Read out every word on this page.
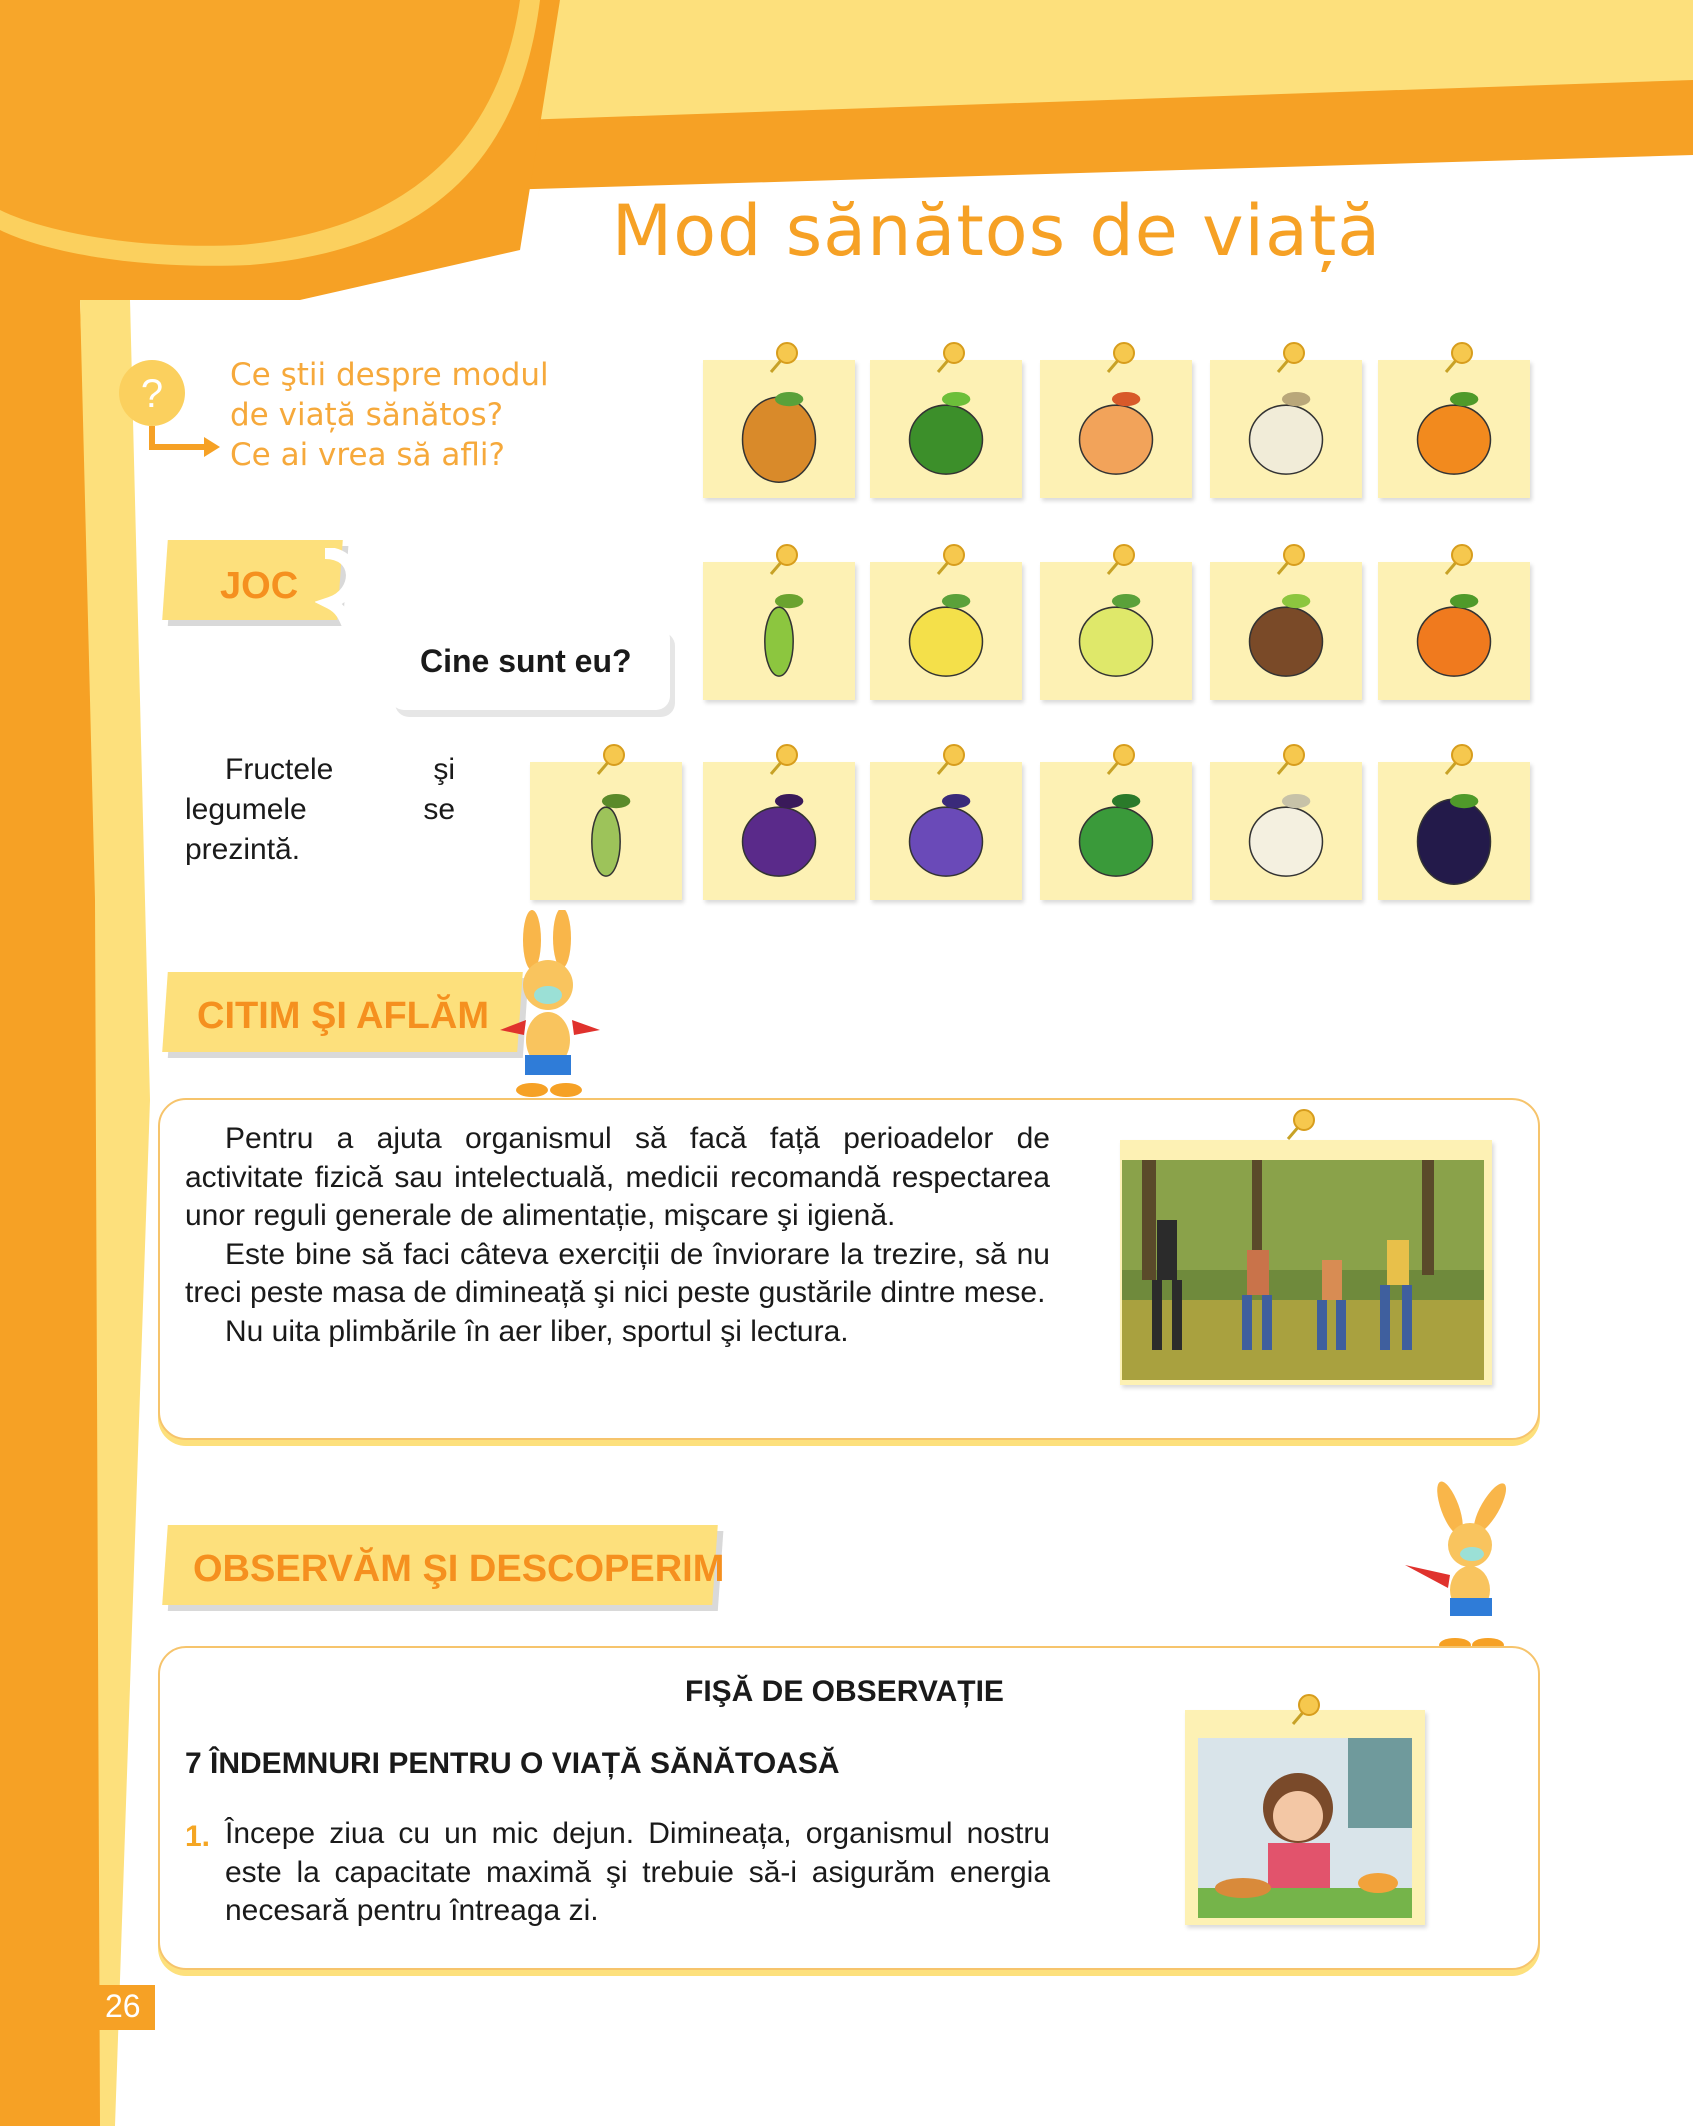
Mod sănătos de viață
? Ce ştii despre modul
de viață sănătos?
Ce ai vrea să afli?
JOC
Cine sunt eu?
Fructele şi legumele se prezintă.
CITIM ŞI AFLĂM

Pentru a ajuta organismul să facă față perioadelor de activitate fizică sau intelectuală, medicii recomandă respectarea unor reguli generale de alimentație, mişcare şi igienă.

Este bine să faci câteva exerciții de înviorare la trezire, să nu treci peste masa de dimineață şi nici peste gustările dintre mese.

Nu uita plimbările în aer liber, sportul şi lectura.

OBSERVĂM ŞI DESCOPERIM
FIŞĂ DE OBSERVAȚIE
7 ÎNDEMNURI PENTRU O VIAȚĂ SĂNĂTOASĂ
1. Începe ziua cu un mic dejun. Dimineața, organismul nostru este la capacitate maximă şi trebuie să-i asigurăm energia necesară pentru întreaga zi.
26
